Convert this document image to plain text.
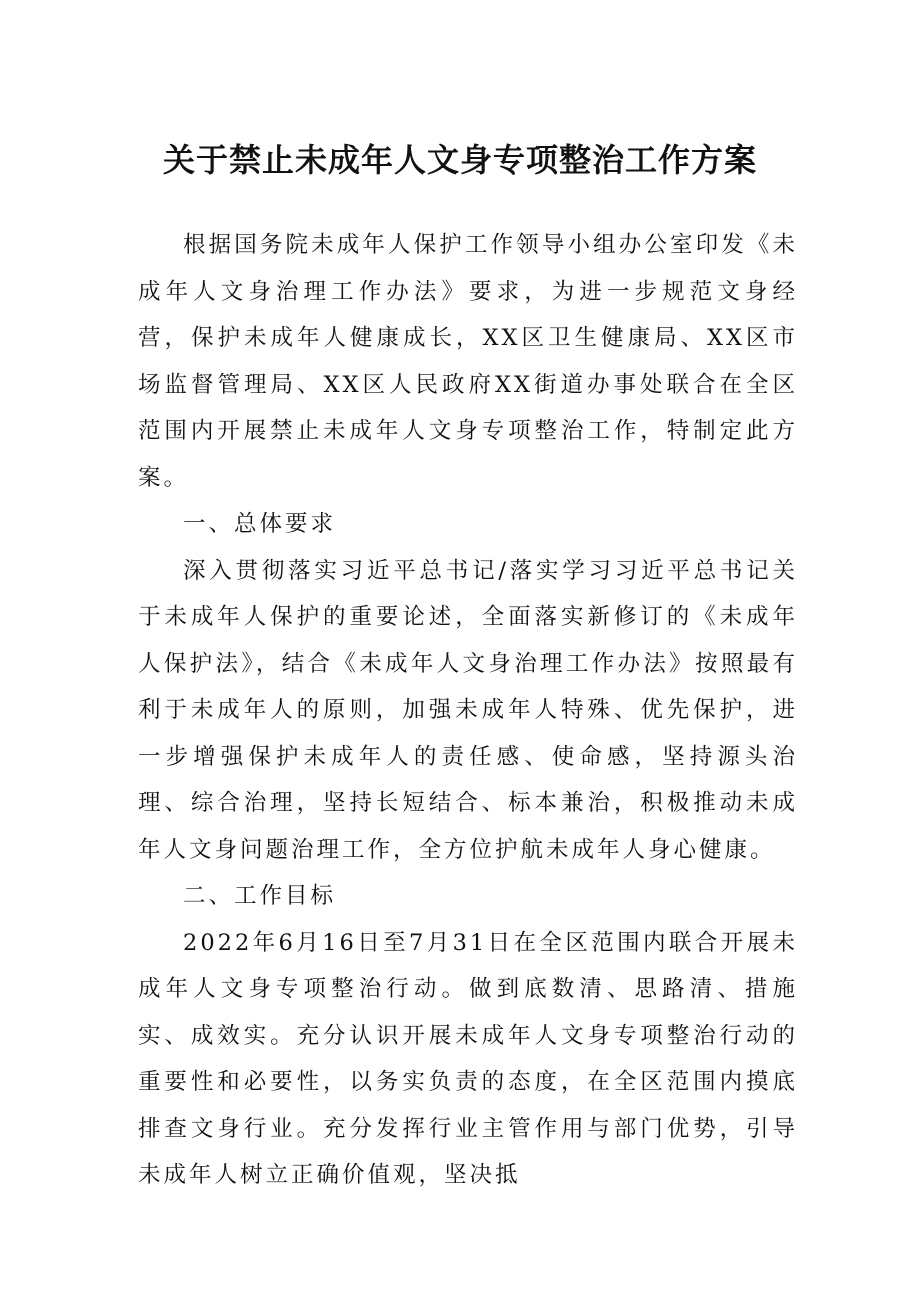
关于禁止未成年人文身专项整治工作方案

根据国务院未成年人保护工作领导小组办公室印发《未成年人文身治理工作办法》要求，为进一步规范文身经营，保护未成年人健康成长，XX区卫生健康局、XX区市场监督管理局、XX区人民政府XX街道办事处联合在全区范围内开展禁止未成年人文身专项整治工作，特制定此方案。

一、总体要求

深入贯彻落实习近平总书记/落实学习习近平总书记关于未成年人保护的重要论述，全面落实新修订的《未成年人保护法》，结合《未成年人文身治理工作办法》按照最有利于未成年人的原则，加强未成年人特殊、优先保护，进一步增强保护未成年人的责任感、使命感，坚持源头治理、综合治理，坚持长短结合、标本兼治，积极推动未成年人文身问题治理工作，全方位护航未成年人身心健康。

二、工作目标

2022年6月16日至7月31日在全区范围内联合开展未成年人文身专项整治行动。做到底数清、思路清、措施实、成效实。充分认识开展未成年人文身专项整治行动的重要性和必要性，以务实负责的态度，在全区范围内摸底排查文身行业。充分发挥行业主管作用与部门优势，引导未成年人树立正确价值观，坚决抵
